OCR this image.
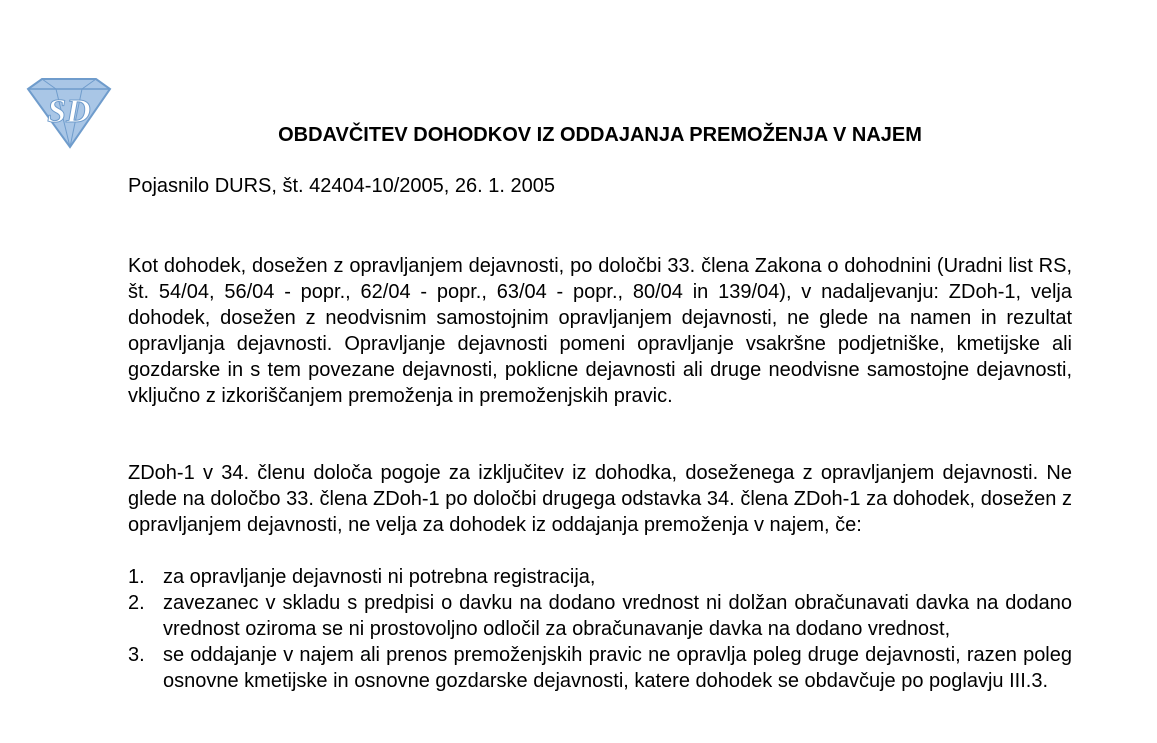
SD
OBDAVČITEV DOHODKOV IZ ODDAJANJA PREMOŽENJA V NAJEM
Pojasnilo DURS, št. 42404-10/2005, 26. 1. 2005
Kot dohodek, dosežen z opravljanjem dejavnosti, po določbi 33. člena Zakona o dohodnini (Uradni list RS, št. 54/04, 56/04 - popr., 62/04 - popr., 63/04 - popr., 80/04 in 139/04), v nadaljevanju: ZDoh-1, velja dohodek, dosežen z neodvisnim samostojnim opravljanjem dejavnosti, ne glede na namen in rezultat opravljanja dejavnosti. Opravljanje dejavnosti pomeni opravljanje vsakršne podjetniške, kmetijske ali gozdarske in s tem povezane dejavnosti, poklicne dejavnosti ali druge neodvisne samostojne dejavnosti, vključno z izkoriščanjem premoženja in premoženjskih pravic.
ZDoh-1 v 34. členu določa pogoje za izključitev iz dohodka, doseženega z opravljanjem dejavnosti. Ne glede na določbo 33. člena ZDoh-1 po določbi drugega odstavka 34. člena ZDoh-1 za dohodek, dosežen z opravljanjem dejavnosti, ne velja za dohodek iz oddajanja premoženja v najem, če:
1. za opravljanje dejavnosti ni potrebna registracija,
2. zavezanec v skladu s predpisi o davku na dodano vrednost ni dolžan obračunavati davka na dodano vrednost oziroma se ni prostovoljno odločil za obračunavanje davka na dodano vrednost,
3. se oddajanje v najem ali prenos premoženjskih pravic ne opravlja poleg druge dejavnosti, razen poleg osnovne kmetijske in osnovne gozdarske dejavnosti, katere dohodek se obdavčuje po poglavju III.3.
